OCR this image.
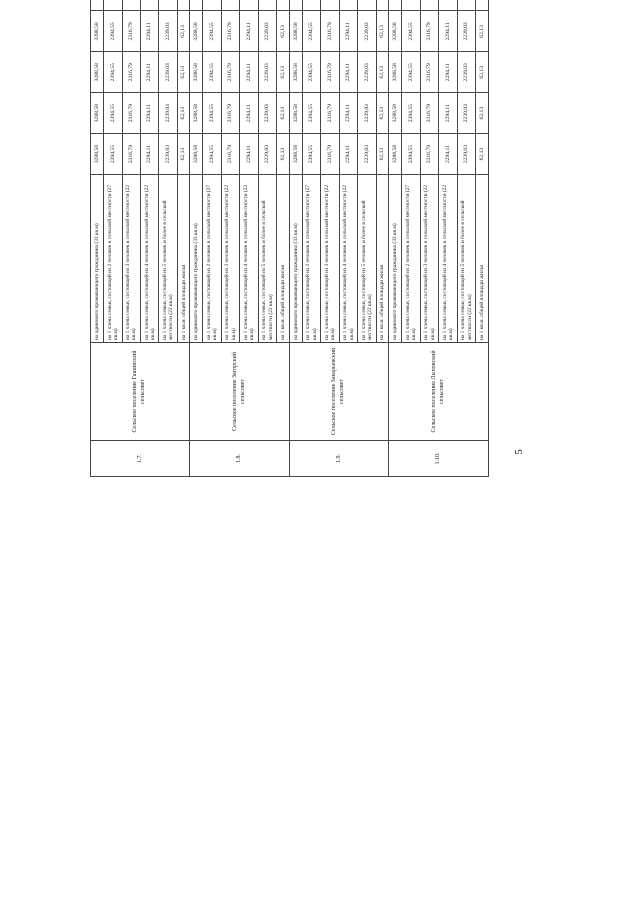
5
1.7.	Сельское поселение Гашинский сельсовет	на одинокого проживающего гражданина (33 кв.м)	3288,58	3288,58	3288,58	3288,58								
		на 1 члена семьи, состоящей из 2 человек в сельской местности (27 кв.м)	2394,55	2394,55	2394,55	2394,55								
		на 1 члена семьи, состоящей из 3 человек в сельской местности (22 кв.м)	2316,79	2316,79	2316,79	2316,79								
		на 1 члена семьи, состоящей из 4 человек в сельской местности (22 кв.м)	2294,11	2294,11	2294,11	2294,11								
		на 1 члена семьи, состоящей из 5 человек и более в сельской местности (22 кв.м)	2239,03	2239,03	2239,03	2239,03								
		на 1 кв.м. общей площади жилья	62,13	62,13	62,13	62,13								
1.8.	Сельское поселение Загорский сельсовет	на одинокого проживающего гражданина (33 кв.м)	3288,58	3288,58	3288,58	3288,58								
		на 1 члена семьи, состоящей из 2 человек в сельской местности (27 кв.м)	2394,55	2394,55	2394,55	2394,55								
		на 1 члена семьи, состоящей из 3 человек в сельской местности (22 кв.м)	2316,79	2316,79	2316,79	2316,79								
		на 1 члена семьи, состоящей из 4 человек в сельской местности (22 кв.м)	2294,11	2294,11	2294,11	2294,11								
		на 1 члена семьи, состоящей из 5 человек и более в сельской местности (22 кв.м)	2239,03	2239,03	2239,03	2239,03								
		на 1 кв.м. общей площади жилья	62,13	62,13	62,13	62,13								
1.9.	Сельское поселение Закарьевский сельсовет	на одинокого проживающего гражданина (33 кв.м)	3288,58	3288,58	3288,58	3288,58								
		на 1 члена семьи, состоящей из 2 человек в сельской местности (27 кв.м)	2394,55	2394,55	2394,55	2394,55								
		на 1 члена семьи, состоящей из 3 человек в сельской местности (22 кв.м)	2316,79	2316,79	2316,79	2316,79								
		на 1 члена семьи, состоящей из 4 человек в сельской местности (22 кв.м)	2294,11	2294,11	2294,11	2294,11								
		на 1 члена семьи, состоящей из 5 человек и более в сельской местности (22 кв.м)	2239,03	2239,03	2239,03	2239,03								
		на 1 кв.м. общей площади жилья	62,13	62,13	62,13	62,13								
1.10.	Сельское поселение Лыповский сельсовет	на одинокого проживающего гражданина (33 кв.м)	3288,58	3288,58	3288,58	3288,58								
		на 1 члена семьи, состоящей из 2 человек в сельской местности (27 кв.м)	2394,55	2394,55	2394,55	2394,55								
		на 1 члена семьи, состоящей из 3 человек в сельской местности (22 кв.м)	2316,79	2316,79	2316,79	2316,79								
		на 1 члена семьи, состоящей из 4 человек в сельской местности (22 кв.м)	2294,11	2294,11	2294,11	2294,11								
		на 1 члена семьи, состоящей из 5 человек и более в сельской местности (22 кв.м)	2239,03	2239,03	2239,03	2239,03								
		на 1 кв.м. общей площади жилья	62,13	62,13	62,13	62,13								
